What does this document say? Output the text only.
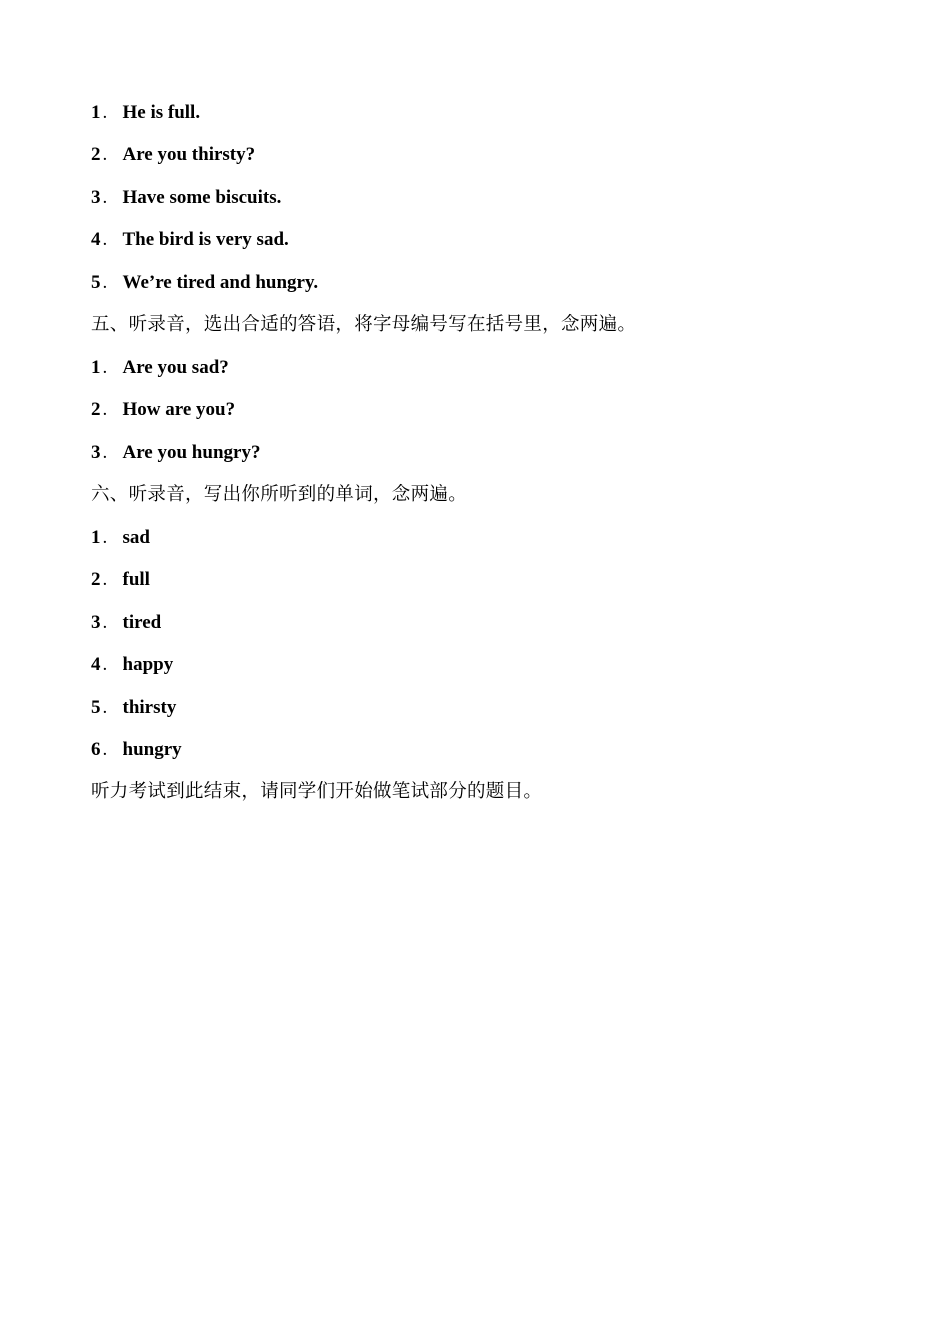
1 . He is full.
2 . Are you thirsty?
3 . Have some biscuits.
4 . The bird is very sad.
5 . We’re tired and hungry.
五、听录音，选出合适的答语，将字母编号写在括号里，念两遍。
1 . Are you sad?
2 . How are you?
3 . Are you hungry?
六、听录音，写出你所听到的单词，念两遍。
1 . sad
2 . full
3 . tired
4 . happy
5 . thirsty
6 . hungry
听力考试到此结束，请同学们开始做笔试部分的题目。
